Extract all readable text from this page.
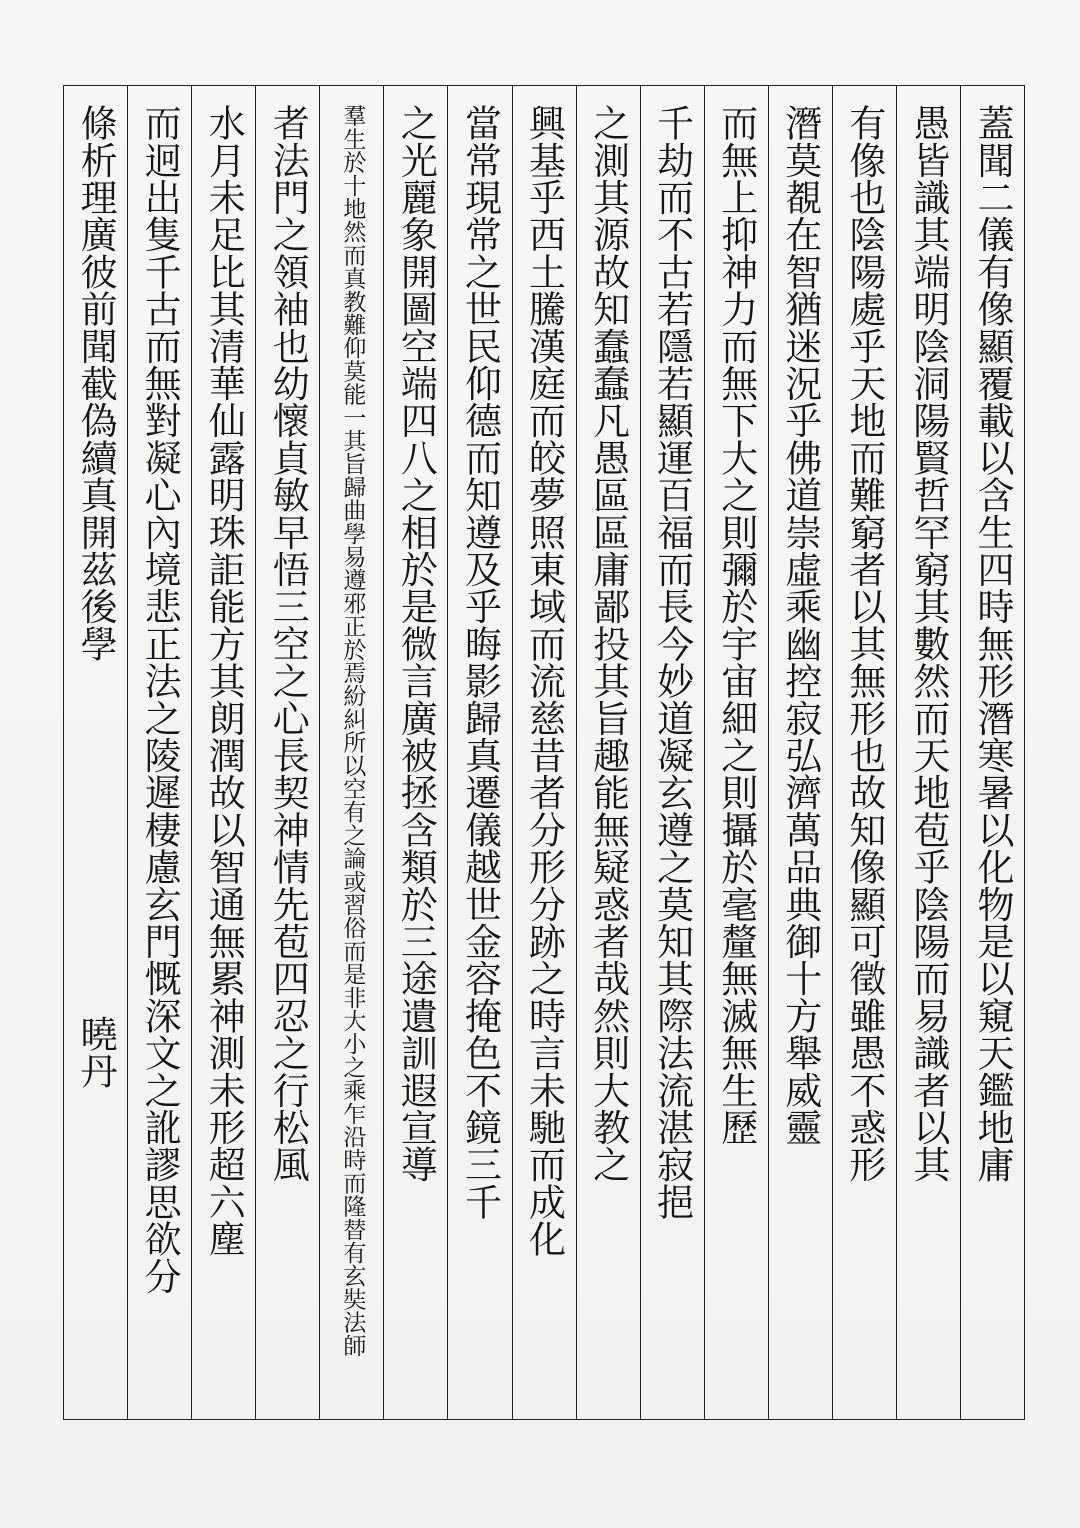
蓋聞二儀有像顯覆載以含生四時無形潛寒暑以化物是以窺天鑑地庸
愚皆識其端明陰洞陽賢哲罕窮其數然而天地苞乎陰陽而易識者以其
有像也陰陽處乎天地而難窮者以其無形也故知像顯可徵雖愚不惑形
潛莫覩在智猶迷況乎佛道崇虛乘幽控寂弘濟萬品典御十方舉威靈
而無上抑神力而無下大之則彌於宇宙細之則攝於毫釐無滅無生歷
千劫而不古若隱若顯運百福而長今妙道凝玄遵之莫知其際法流湛寂挹
之測其源故知蠢蠢凡愚區區庸鄙投其旨趣能無疑惑者哉然則大教之
興基乎西土騰漢庭而皎夢照東域而流慈昔者分形分跡之時言未馳而成化
當常現常之世民仰德而知遵及乎晦影歸真遷儀越世金容掩色不鏡三千
之光麗象開圖空端四八之相於是微言廣被拯含類於三途遺訓遐宣導
羣生於十地然而真教難仰莫能一其旨歸曲學易遵邪正於焉紛糾所以空有之論或習俗而是非大小之乘乍沿時而隆替有玄奘法師
者法門之領袖也幼懷貞敏早悟三空之心長契神情先苞四忍之行松風
水月未足比其清華仙露明珠詎能方其朗潤故以智通無累神測未形超六塵
而迥出隻千古而無對凝心內境悲正法之陵遲棲慮玄門慨深文之訛謬思欲分
條析理廣彼前聞截偽續真開茲後學
曉丹
